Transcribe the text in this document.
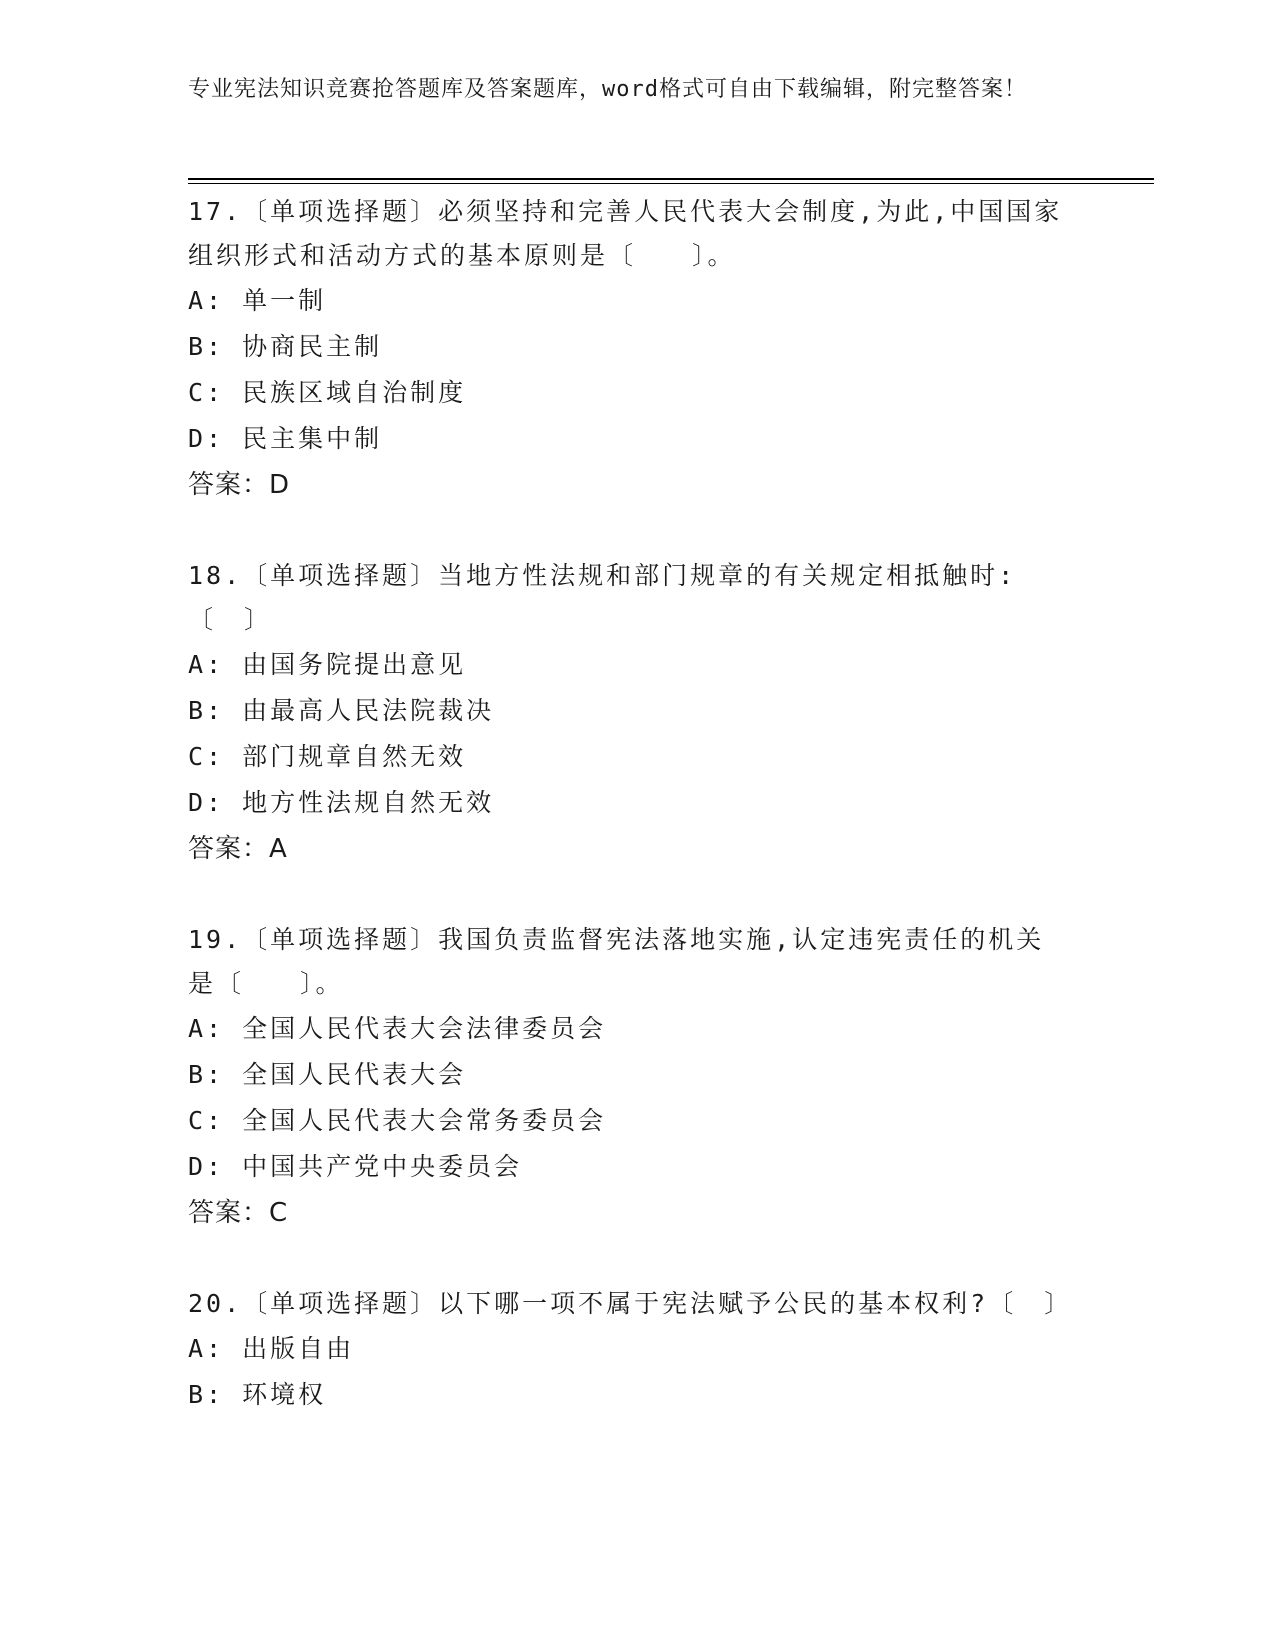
专业宪法知识竞赛抢答题库及答案题库，word格式可自由下载编辑，附完整答案！

17.〔单项选择题〕必须坚持和完善人民代表大会制度,为此,中国国家组织形式和活动方式的基本原则是〔　　〕。

A: 单一制

B: 协商民主制

C: 民族区域自治制度

D: 民主集中制

答案：D

18.〔单项选择题〕当地方性法规和部门规章的有关规定相抵触时:〔　〕

A: 由国务院提出意见

B: 由最高人民法院裁决

C: 部门规章自然无效

D: 地方性法规自然无效

答案：A

19.〔单项选择题〕我国负责监督宪法落地实施,认定违宪责任的机关是〔　　〕。

A: 全国人民代表大会法律委员会

B: 全国人民代表大会

C: 全国人民代表大会常务委员会

D: 中国共产党中央委员会

答案：C

20.〔单项选择题〕以下哪一项不属于宪法赋予公民的基本权利?〔　〕

A: 出版自由

B: 环境权
